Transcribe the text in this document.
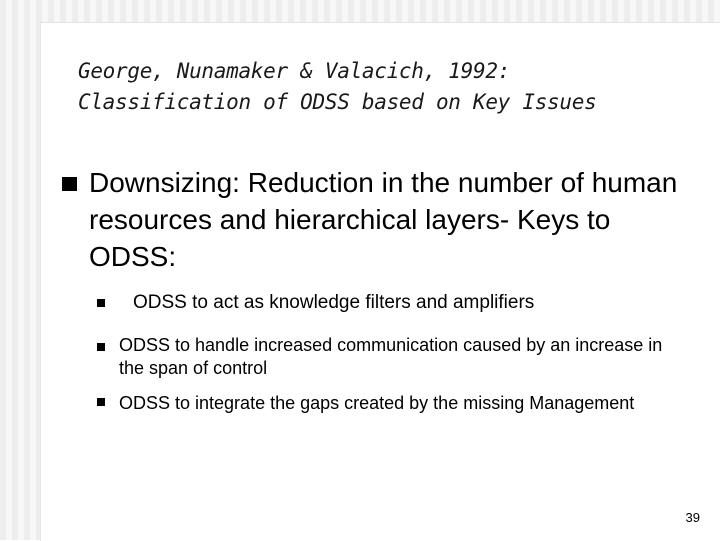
George, Nunamaker & Valacich, 1992:
Classification of ODSS based on Key Issues
Downsizing: Reduction in the number of human resources and hierarchical layers- Keys to ODSS:
ODSS to act as knowledge filters and amplifiers
ODSS to handle increased communication caused by an increase in the span of control
ODSS to integrate the gaps created by the missing Management
39
